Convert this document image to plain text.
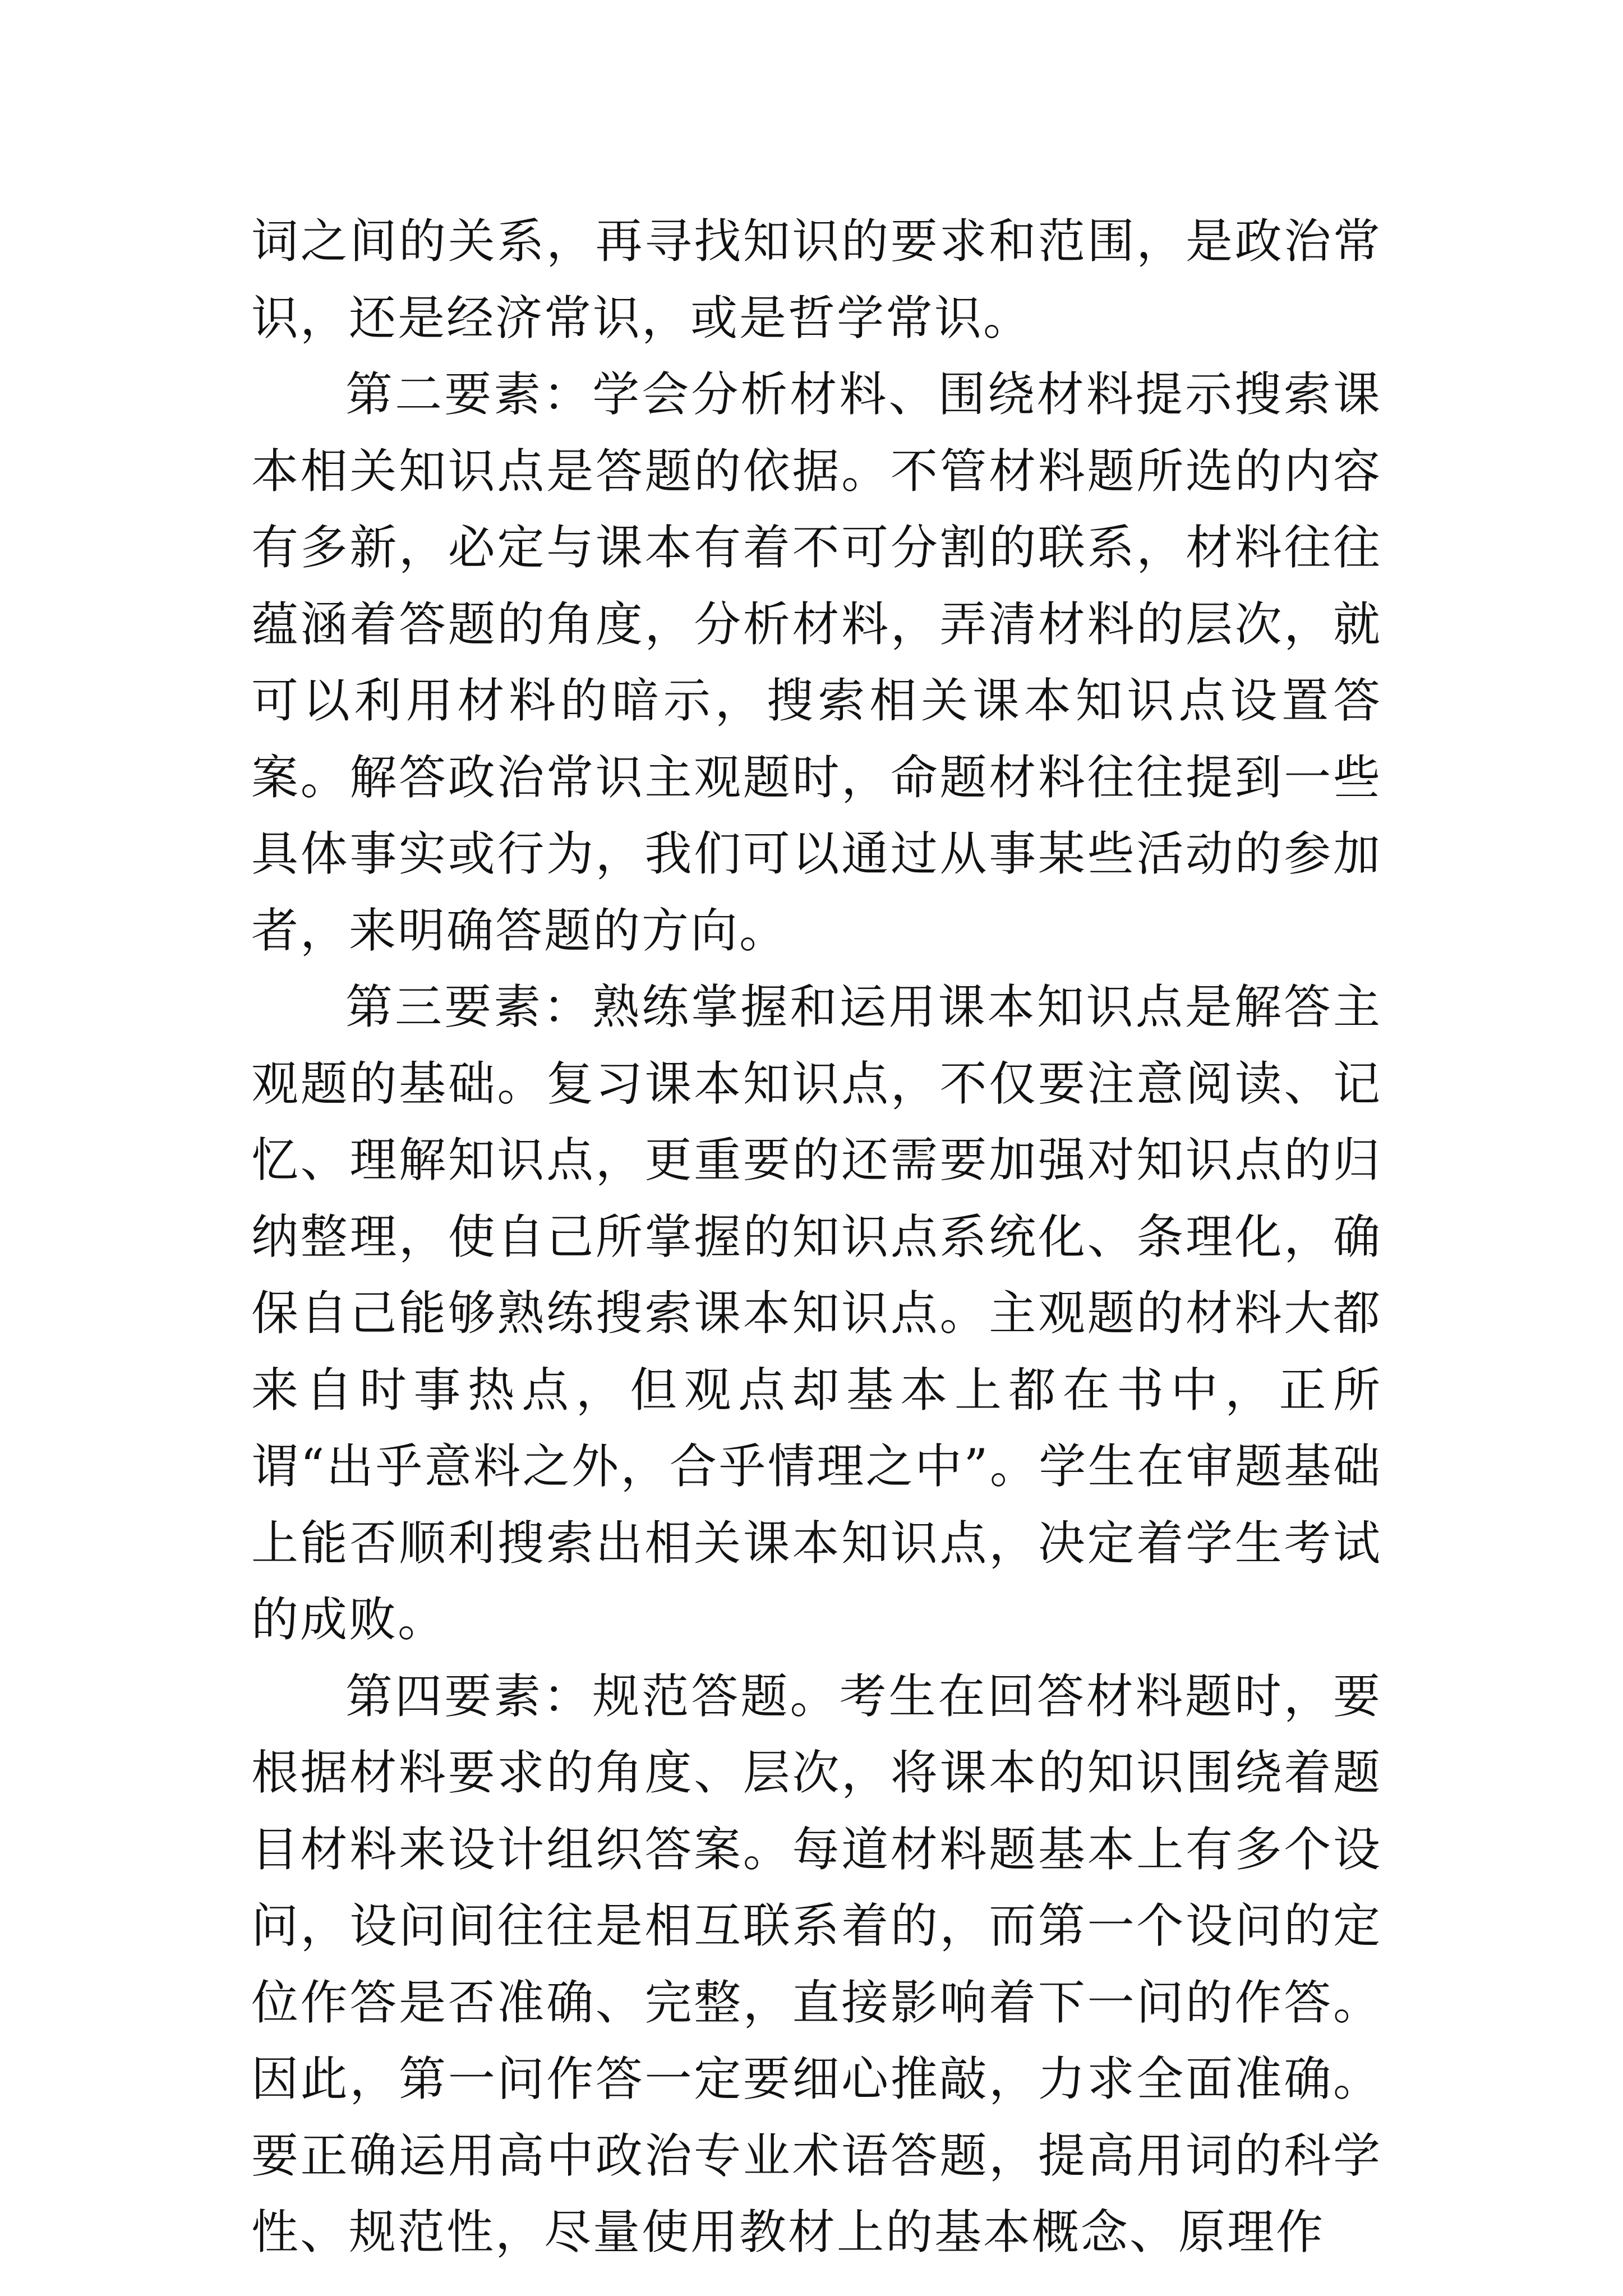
词之间的关系，再寻找知识的要求和范围，是政治常识，还是经济常识，或是哲学常识。

第二要素：学会分析材料、围绕材料提示搜索课本相关知识点是答题的依据。不管材料题所选的内容有多新，必定与课本有着不可分割的联系，材料往往蕴涵着答题的角度，分析材料，弄清材料的层次，就可以利用材料的暗示，搜索相关课本知识点设置答案。解答政治常识主观题时，命题材料往往提到一些具体事实或行为，我们可以通过从事某些活动的参加者，来明确答题的方向。

第三要素：熟练掌握和运用课本知识点是解答主观题的基础。复习课本知识点，不仅要注意阅读、记忆、理解知识点，更重要的还需要加强对知识点的归纳整理，使自己所掌握的知识点系统化、条理化，确保自己能够熟练搜索课本知识点。主观题的材料大都来自时事热点，但观点却基本上都在书中，正所谓“出乎意料之外，合乎情理之中”。学生在审题基础上能否顺利搜索出相关课本知识点，决定着学生考试的成败。

第四要素：规范答题。考生在回答材料题时，要根据材料要求的角度、层次，将课本的知识围绕着题目材料来设计组织答案。每道材料题基本上有多个设问，设问间往往是相互联系着的，而第一个设问的定位作答是否准确、完整，直接影响着下一问的作答。因此，第一问作答一定要细心推敲，力求全面准确。要正确运用高中政治专业术语答题，提高用词的科学性、规范性，尽量使用教材上的基本概念、原理作
